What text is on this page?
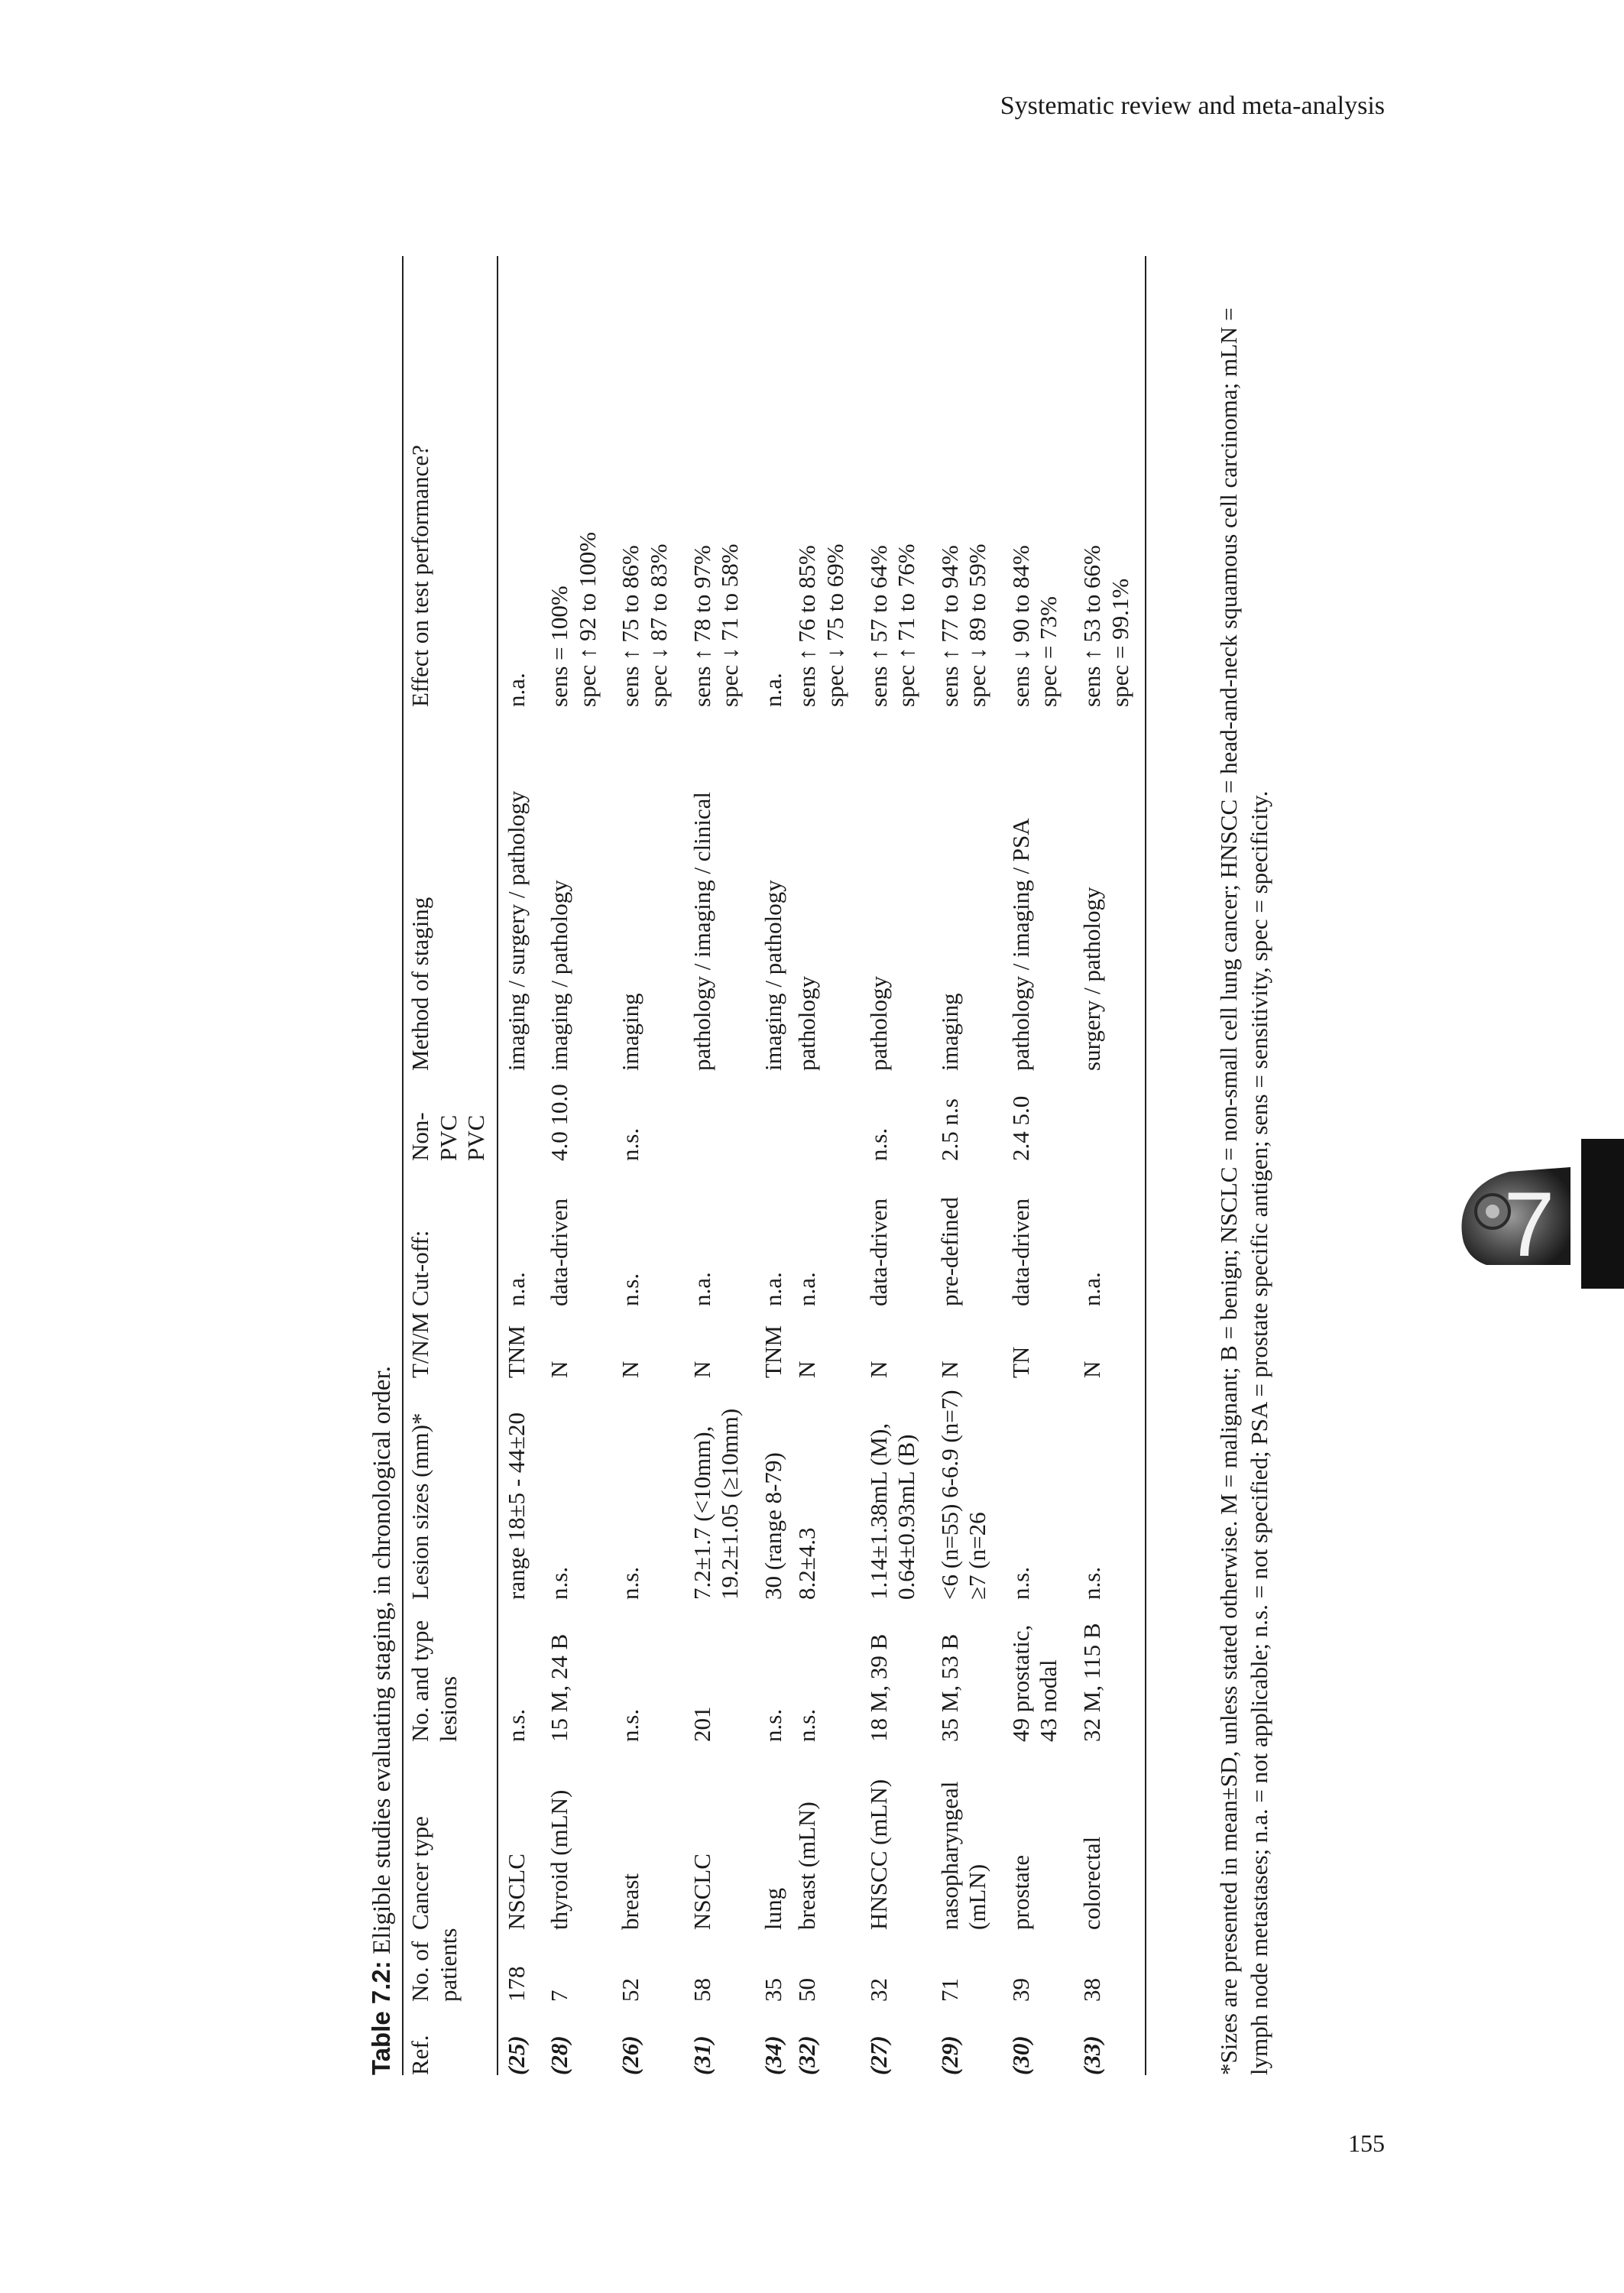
Systematic review and meta-analysis
7
Table 7.2: Eligible studies evaluating staging, in chronological order.
Ref.	No. of patients	Cancer type	No. and type lesions	Lesion sizes (mm)*	T/N/M	Cut-off:	Non-PVC PVC	Method of staging	Effect on test performance?
(25)	178	NSCLC	n.s.	range 18±5 - 44±20	TNM	n.a.		imaging / surgery / pathology	n.a.

(28)	7	thyroid (mLN)	15 M, 24 B	n.s.	N	data-driven	4.0 10.0	imaging / pathology	sens = 100% spec ↑ 92 to 100%

(26)	52	breast	n.s.	n.s.	N	n.s.	n.s.	imaging	sens ↑ 75 to 86% spec ↓ 87 to 83%

(31)	58	NSCLC	201	7.2±1.7 (<10mm), 19.2±1.05 (≥10mm)	N	n.a.		pathology / imaging / clinical	sens ↑ 78 to 97% spec ↓ 71 to 58%

(34)	35	lung	n.s.	30 (range 8-79)	TNM	n.a.		imaging / pathology	n.a.

(32)	50	breast (mLN)	n.s.	8.2±4.3	N	n.a.		pathology	sens ↑ 76 to 85% spec ↓ 75 to 69%

(27)	32	HNSCC (mLN)	18 M, 39 B	1.14±1.38mL (M), 0.64±0.93mL (B)	N	data-driven	n.s.	pathology	sens ↑ 57 to 64% spec ↑ 71 to 76%

(29)	71	nasopharyngeal (mLN)	35 M, 53 B	<6 (n=55) 6-6.9 (n=7) ≥7 (n=26	N	pre-defined	2.5 n.s	imaging	sens ↑ 77 to 94% spec ↓ 89 to 59%

(30)	39	prostate	49 prostatic, 43 nodal	n.s.	TN	data-driven	2.4 5.0	pathology / imaging / PSA	sens ↓ 90 to 84% spec = 73%

(33)	38	colorectal	32 M, 115 B	n.s.	N	n.a.		surgery / pathology	sens ↑ 53 to 66% spec = 99.1%	*Sizes are presented in mean±SD, unless stated otherwise. M = malignant; B = benign; NSCLC = non-small cell lung cancer; HNSCC = head-and-neck squamous cell carcinoma; mLN = lymph node metastases; n.a. = not applicable; n.s. = not specified; PSA = prostate specific antigen; sens = sensitivity, spec = specificity.
155
